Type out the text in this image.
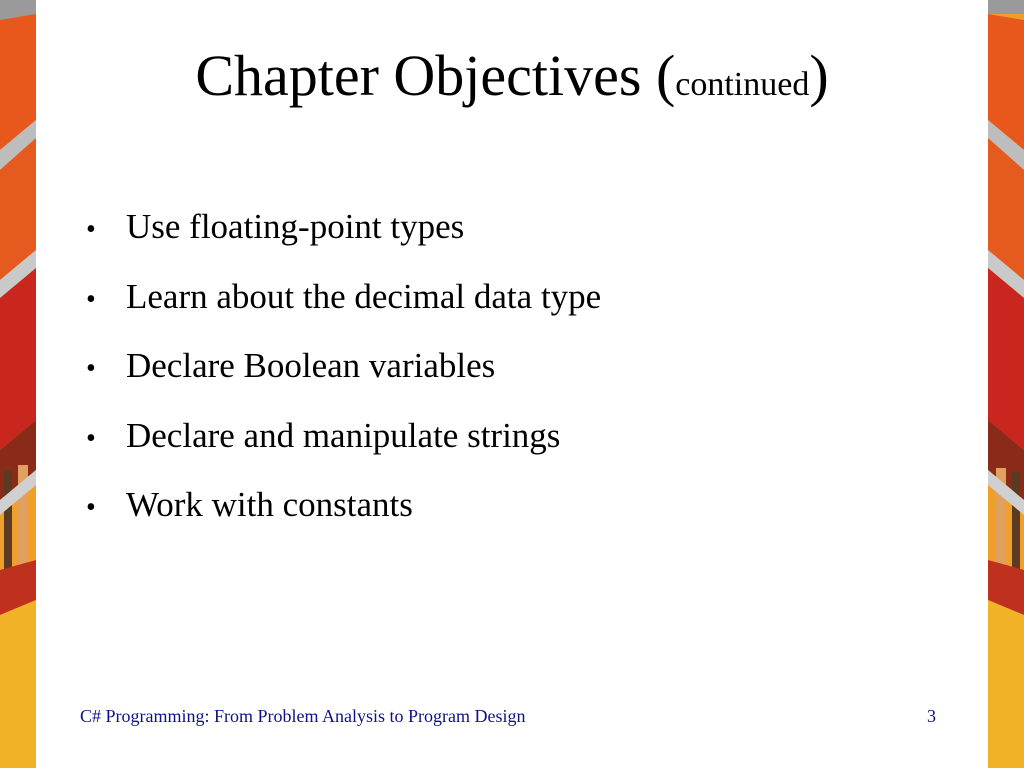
Chapter Objectives (continued)
• Use floating-point types
• Learn about the decimal data type
• Declare Boolean variables
• Declare and manipulate strings
• Work with constants
C# Programming: From Problem Analysis to Program Design	3
